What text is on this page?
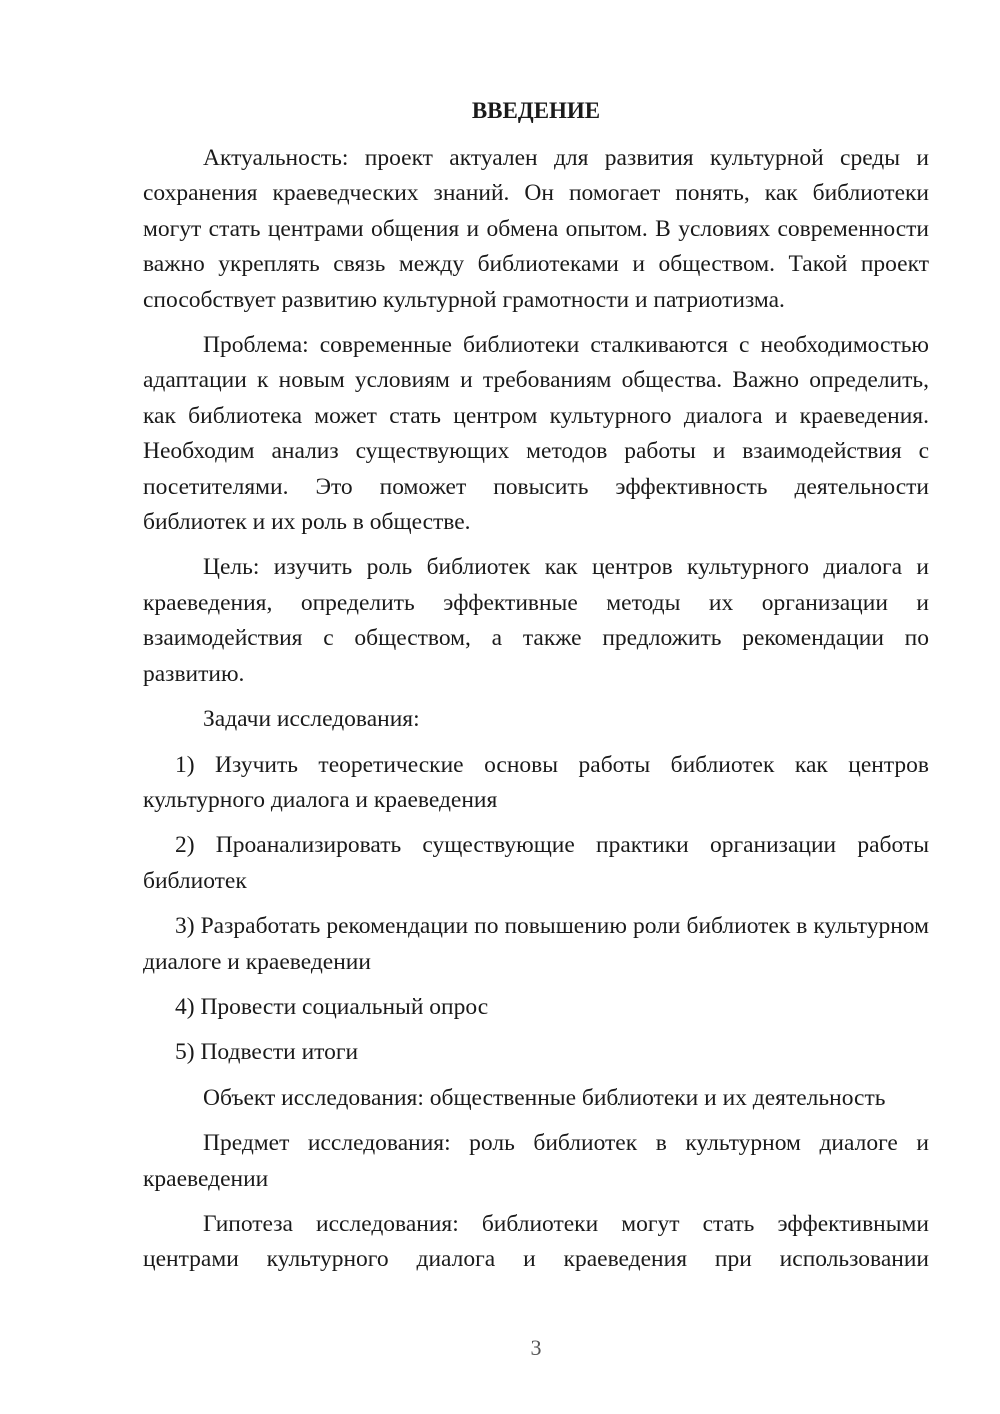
ВВЕДЕНИЕ

Актуальность: проект актуален для развития культурной среды и сохранения краеведческих знаний. Он помогает понять, как библиотеки могут стать центрами общения и обмена опытом. В условиях современности важно укреплять связь между библиотеками и обществом. Такой проект способствует развитию культурной грамотности и патриотизма.

Проблема: современные библиотеки сталкиваются с необходимостью адаптации к новым условиям и требованиям общества. Важно определить, как библиотека может стать центром культурного диалога и краеведения. Необходим анализ существующих методов работы и взаимодействия с посетителями. Это поможет повысить эффективность деятельности библиотек и их роль в обществе.

Цель: изучить роль библиотек как центров культурного диалога и краеведения, определить эффективные методы их организации и взаимодействия с обществом, а также предложить рекомендации по развитию.

Задачи исследования:

1) Изучить теоретические основы работы библиотек как центров культурного диалога и краеведения

2) Проанализировать существующие практики организации работы библиотек

3) Разработать рекомендации по повышению роли библиотек в культурном диалоге и краеведении

4) Провести социальный опрос

5) Подвести итоги

Объект исследования: общественные библиотеки и их деятельность

Предмет исследования: роль библиотек в культурном диалоге и краеведении

Гипотеза исследования: библиотеки могут стать эффективными центрами культурного диалога и краеведения при использовании

3
